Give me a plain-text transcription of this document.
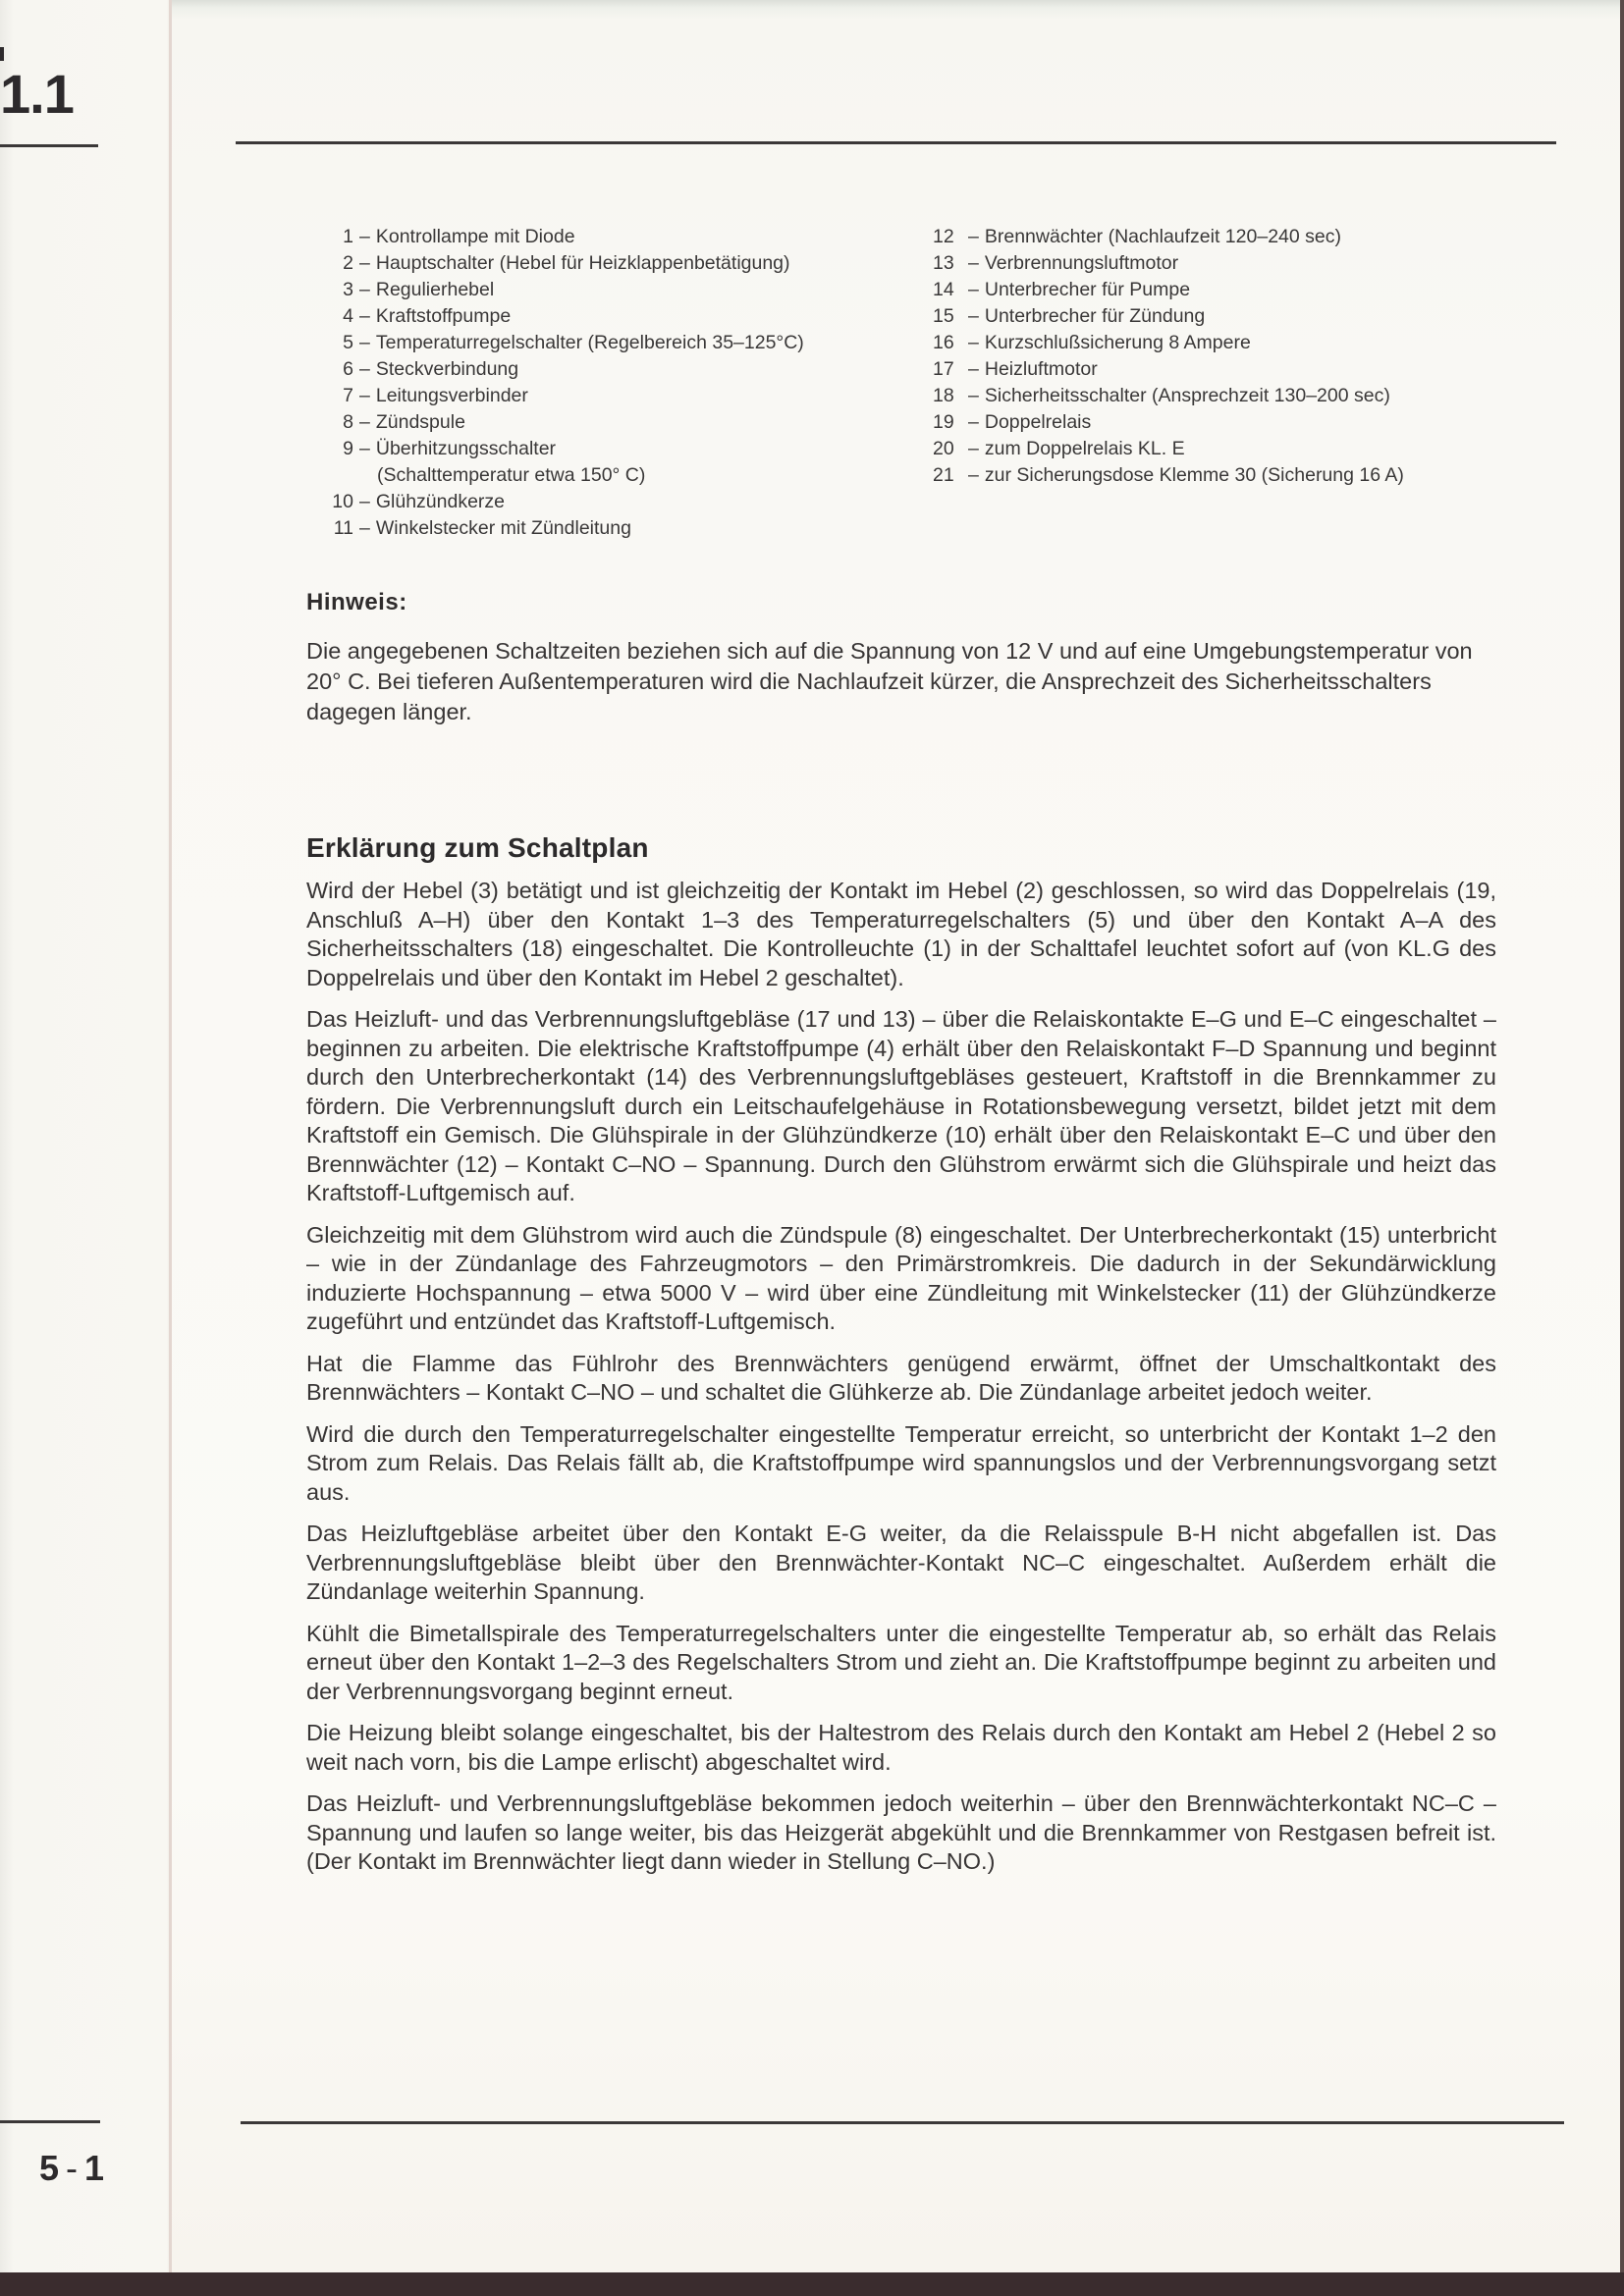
1.1
1 – Kontrollampe mit Diode
2 – Hauptschalter (Hebel für Heizklappenbetätigung)
3 – Regulierhebel
4 – Kraftstoffpumpe
5 – Temperaturregelschalter (Regelbereich 35–125°C)
6 – Steckverbindung
7 – Leitungsverbinder
8 – Zündspule
9 – Überhitzungsschalter
(Schalttemperatur etwa 150° C)
10 – Glühzündkerze
11 – Winkelstecker mit Zündleitung
12 – Brennwächter (Nachlaufzeit 120–240 sec)
13 – Verbrennungsluftmotor
14 – Unterbrecher für Pumpe
15 – Unterbrecher für Zündung
16 – Kurzschlußsicherung 8 Ampere
17 – Heizluftmotor
18 – Sicherheitsschalter (Ansprechzeit 130–200 sec)
19 – Doppelrelais
20 – zum Doppelrelais KL. E
21 – zur Sicherungsdose Klemme 30 (Sicherung 16 A)
Hinweis:
Die angegebenen Schaltzeiten beziehen sich auf die Spannung von 12 V und auf eine Umgebungstemperatur von 20° C. Bei tieferen Außentemperaturen wird die Nachlaufzeit kürzer, die Ansprechzeit des Sicherheitsschalters dagegen länger.
Erklärung zum Schaltplan

Wird der Hebel (3) betätigt und ist gleichzeitig der Kontakt im Hebel (2) geschlossen, so wird das Doppelrelais (19, Anschluß A–H) über den Kontakt 1–3 des Temperaturregelschalters (5) und über den Kontakt A–A des Sicherheitsschalters (18) eingeschaltet. Die Kontrolleuchte (1) in der Schalttafel leuchtet sofort auf (von KL.G des Doppelrelais und über den Kontakt im Hebel 2 geschaltet).

Das Heizluft- und das Verbrennungsluftgebläse (17 und 13) – über die Relaiskontakte E–G und E–C eingeschaltet – beginnen zu arbeiten. Die elektrische Kraftstoffpumpe (4) erhält über den Relaiskontakt F–D Spannung und beginnt durch den Unterbrecherkontakt (14) des Verbrennungsluftgebläses gesteuert, Kraftstoff in die Brennkammer zu fördern. Die Verbrennungsluft durch ein Leitschaufelgehäuse in Rotationsbewegung versetzt, bildet jetzt mit dem Kraftstoff ein Gemisch. Die Glühspirale in der Glühzündkerze (10) erhält über den Relaiskontakt E–C und über den Brennwächter (12) – Kontakt C–NO – Spannung. Durch den Glühstrom erwärmt sich die Glühspirale und heizt das Kraftstoff-Luftgemisch auf.

Gleichzeitig mit dem Glühstrom wird auch die Zündspule (8) eingeschaltet. Der Unterbrecherkontakt (15) unterbricht – wie in der Zündanlage des Fahrzeugmotors – den Primärstromkreis. Die dadurch in der Sekundärwicklung induzierte Hochspannung – etwa 5000 V – wird über eine Zündleitung mit Winkelstecker (11) der Glühzündkerze zugeführt und entzündet das Kraftstoff-Luftgemisch.

Hat die Flamme das Fühlrohr des Brennwächters genügend erwärmt, öffnet der Umschaltkontakt des Brennwächters – Kontakt C–NO – und schaltet die Glühkerze ab. Die Zündanlage arbeitet jedoch weiter.

Wird die durch den Temperaturregelschalter eingestellte Temperatur erreicht, so unterbricht der Kontakt 1–2 den Strom zum Relais. Das Relais fällt ab, die Kraftstoffpumpe wird spannungslos und der Verbrennungsvorgang setzt aus.

Das Heizluftgebläse arbeitet über den Kontakt E-G weiter, da die Relaisspule B-H nicht abgefallen ist. Das Verbrennungsluftgebläse bleibt über den Brennwächter-Kontakt NC–C eingeschaltet. Außerdem erhält die Zündanlage weiterhin Spannung.

Kühlt die Bimetallspirale des Temperaturregelschalters unter die eingestellte Temperatur ab, so erhält das Relais erneut über den Kontakt 1–2–3 des Regelschalters Strom und zieht an. Die Kraftstoffpumpe beginnt zu arbeiten und der Verbrennungsvorgang beginnt erneut.

Die Heizung bleibt solange eingeschaltet, bis der Haltestrom des Relais durch den Kontakt am Hebel 2 (Hebel 2 so weit nach vorn, bis die Lampe erlischt) abgeschaltet wird.

Das Heizluft- und Verbrennungsluftgebläse bekommen jedoch weiterhin – über den Brennwächterkontakt NC–C – Spannung und laufen so lange weiter, bis das Heizgerät abgekühlt und die Brennkammer von Restgasen befreit ist. (Der Kontakt im Brennwächter liegt dann wieder in Stellung C–NO.)

5 - 1
